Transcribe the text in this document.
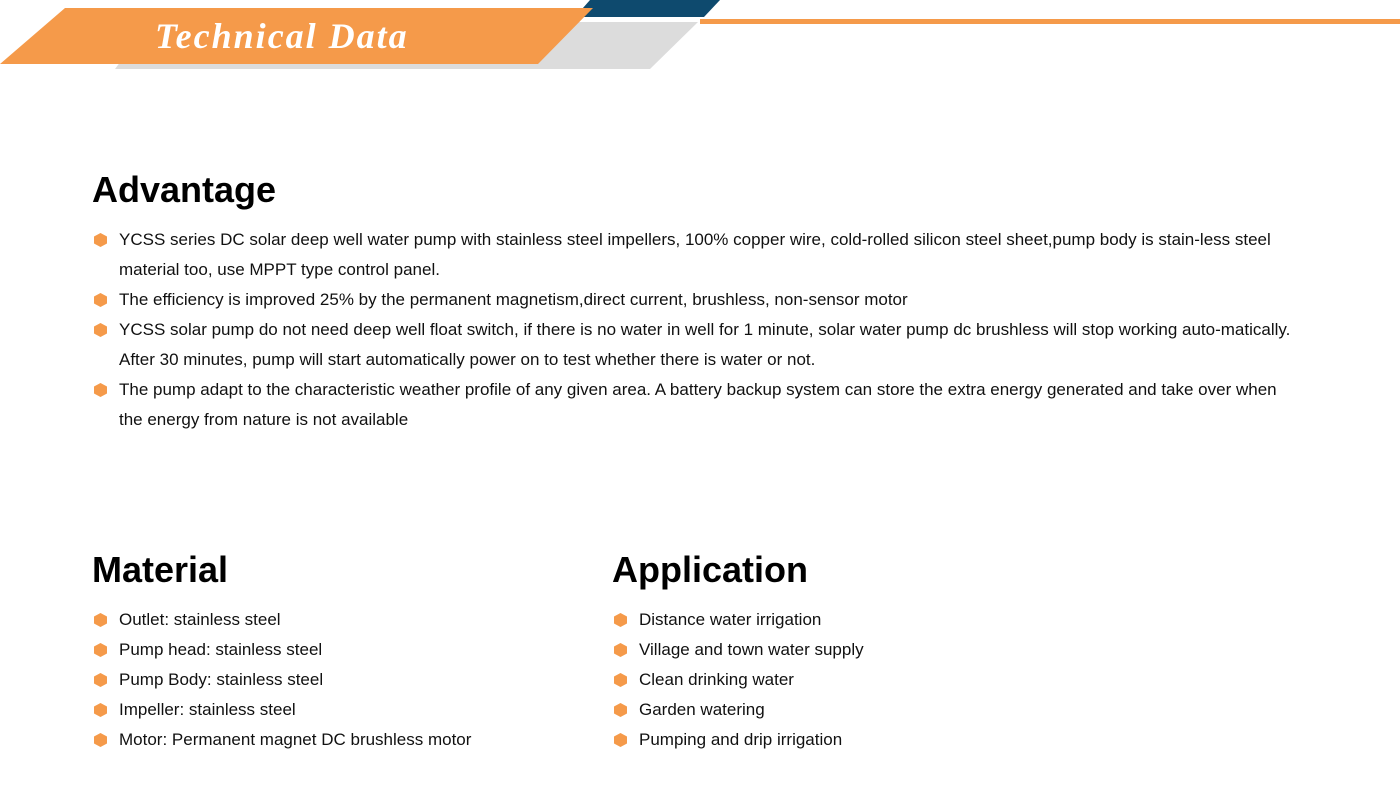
Technical Data
Advantage
YCSS series DC solar deep well water pump with stainless steel impellers, 100% copper wire, cold-rolled silicon steel sheet,pump body is stain-less steel material too, use MPPT type control panel.
The efficiency is improved 25% by the permanent magnetism,direct current, brushless, non-sensor motor
YCSS solar pump do not need deep well float switch, if there is no water in well for 1 minute, solar water pump dc brushless will stop working auto-matically. After 30 minutes, pump will start automatically power on to test whether there is water or not.
The pump adapt to the characteristic weather profile of any given area. A battery backup system can store the extra energy generated and take over when the energy from nature is not available
Material
Outlet: stainless steel
Pump head: stainless steel
Pump Body: stainless steel
Impeller: stainless steel
Motor: Permanent magnet DC brushless motor
Application
Distance water irrigation
Village and town water supply
Clean drinking water
Garden watering
Pumping and drip irrigation
